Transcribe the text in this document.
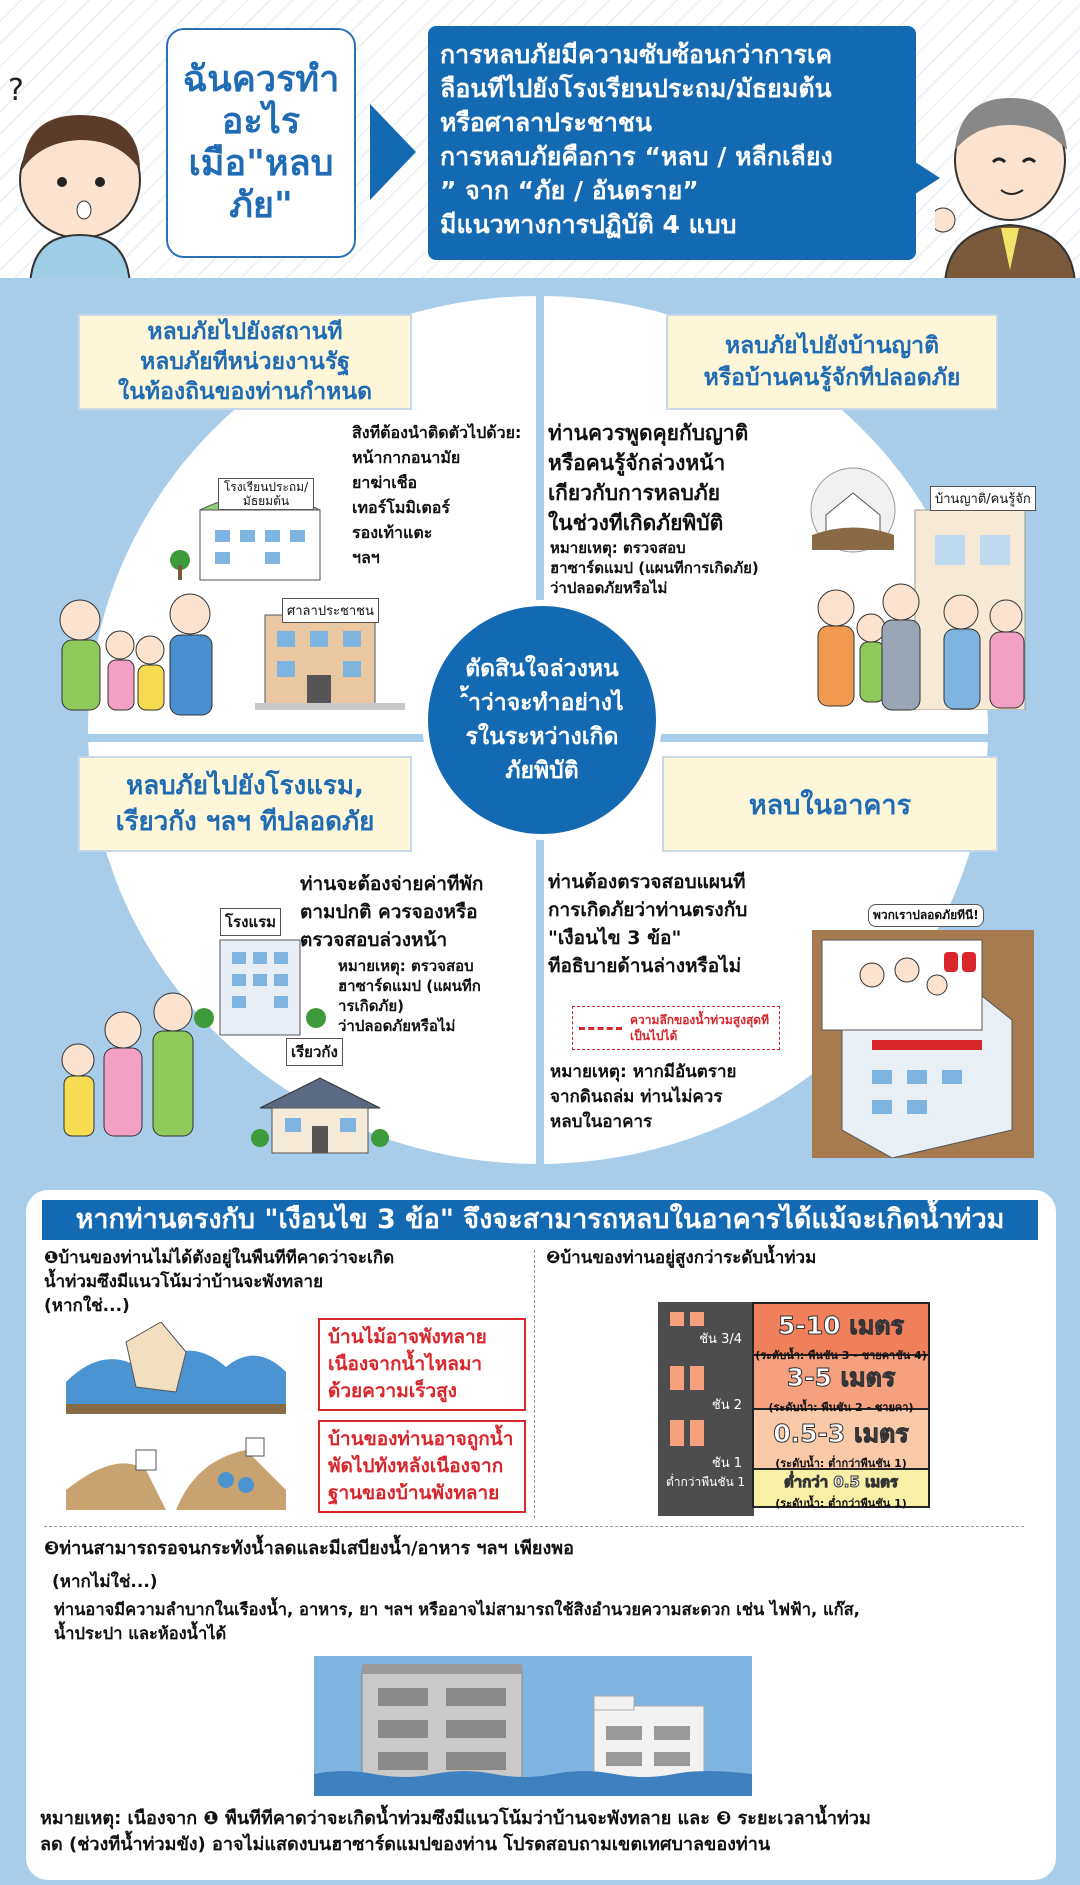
?	ฉันควรทำอะไรเมือ"หลบภัย"
การหลบภัยมีความซับซ้อนกว่าการเค
ลือนทีไปยังโรงเรียนประถม/มัธยมต้น
หรือศาลาประชาชน
การหลบภัยคือการ “หลบ / หลีกเลียง
” จาก “ภัย / อันตราย”
มีแนวทางการปฏิบัติ 4 แบบ
หลบภัยไปยังสถานที
หลบภัยทีหน่วยงานรัฐ
ในท้องถินของท่านกำหนด
สิงทีต้องนำติดตัวไปด้วย:
หน้ากากอนามัย
ยาฆ่าเชือ
เทอร์โมมิเตอร์
รองเท้าแตะ
ฯลฯ
โรงเรียนประถม/มัธยมต้น
ศาลาประชาชน
หลบภัยไปยังบ้านญาติ
หรือบ้านคนรู้จักทีปลอดภัย
ท่านควรพูดคุยกับญาติ
หรือคนรู้จักล่วงหน้า
เกียวกับการหลบภัย
ในช่วงทีเกิดภัยพิบัติ
หมายเหตุ: ตรวจสอบ
ฮาซาร์ดแมป (แผนทีการเกิดภัย)
ว่าปลอดภัยหรือไม่
บ้านญาติ/คนรู้จัก
ตัดสินใจล่วงหน
ˆ้าว่าจะทำอย่างไ
รในระหว่างเกิด
ภัยพิบัติ
หลบภัยไปยังโรงแรม,
เรียวกัง ฯลฯ ทีปลอดภัย
ท่านจะต้องจ่ายค่าทีพัก
ตามปกติ ควรจองหรือ
ตรวจสอบล่วงหน้า
หมายเหตุ: ตรวจสอบ
ฮาซาร์ดแมป (แผนทีก
ารเกิดภัย)
ว่าปลอดภัยหรือไม่
โรงแรม
เรียวกัง
หลบในอาคาร
ท่านต้องตรวจสอบแผนที
การเกิดภัยว่าท่านตรงกับ
"เงือนไข 3 ข้อ"
ทีอธิบายด้านล่างหรือไม่
ความลึกของน้ำท่วมสูงสุดทีเป็นไปได้
หมายเหตุ: หากมีอันตราย
จากดินถล่ม ท่านไม่ควร
หลบในอาคาร
พวกเราปลอดภัยทีนี!
หากท่านตรงกับ "เงือนไข 3 ข้อ" จึงจะสามารถหลบในอาคารได้แม้จะเกิดน้ำท่วม
❶บ้านของท่านไม่ได้ตังอยู่ในพืนทีทีคาดว่าจะเกิด
น้ำท่วมซึงมีแนวโน้มว่าบ้านจะพังทลาย
(หากใช่...)
บ้านไม้อาจพังทลาย
เนืองจากน้ำไหลมา
ด้วยความเร็วสูง
บ้านของท่านอาจถูกน้ำ
พัดไปทังหลังเนืองจาก
ฐานของบ้านพังทลาย
❷บ้านของท่านอยู่สูงกว่าระดับน้ำท่วม
ชัน 3/4
ชัน 2
ชัน 1
ต่ำกว่าพืนชัน 1
5-10 เมตร
(ระดับน้ำ: พืนชัน 3 - ชายคาชัน 4)
3-5 เมตร
(ระดับน้ำ: พืนชัน 2 - ชายคา)
0.5-3 เมตร
(ระดับน้ำ: ต่ำกว่าพืนชัน 1)
ต่ำกว่า 0.5 เมตร
(ระดับน้ำ: ต่ำกว่าพืนชัน 1)
❸ท่านสามารถรอจนกระทังน้ำลดและมีเสบียงน้ำ/อาหาร ฯลฯ เพียงพอ
(หากไม่ใช่...)
ท่านอาจมีความลำบากในเรืองน้ำ, อาหาร, ยา ฯลฯ หรืออาจไม่สามารถใช้สิงอำนวยความสะดวก เช่น ไฟฟ้า, แก๊ส,
น้ำประปา และห้องน้ำได้
หมายเหตุ: เนืองจาก ❶ พืนทีทีคาดว่าจะเกิดน้ำท่วมซึงมีแนวโน้มว่าบ้านจะพังทลาย และ ❸ ระยะเวลาน้ำท่วม
ลด (ช่วงทีน้ำท่วมขัง) อาจไม่แสดงบนฮาซาร์ดแมปของท่าน โปรดสอบถามเขตเทศบาลของท่าน
